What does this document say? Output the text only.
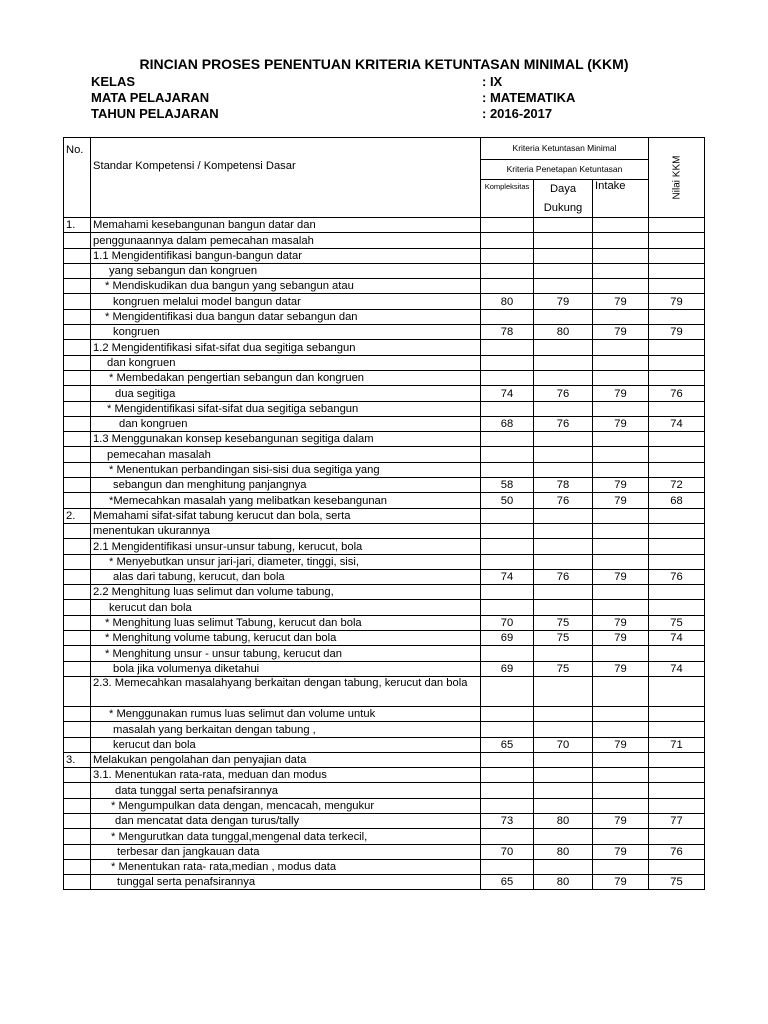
RINCIAN PROSES PENENTUAN KRITERIA KETUNTASAN MINIMAL (KKM)
KELAS	: IX
MATA PELAJARAN	: MATEMATIKA
TAHUN PELAJARAN	: 2016-2017
No.	Standar Kompetensi / Kompetensi Dasar	Kriteria Ketuntasan Minimal			Nilai KKM
		Kriteria Penetapan Ketuntasan			
		Kompleksitas	Daya	Intake	
			Dukung		
1.	Memahami kesebangunan bangun datar dan				
	penggunaannya dalam pemecahan masalah				
	1.1 Mengidentifikasi bangun-bangun datar				
	yang sebangun dan kongruen				
	* Mendiskudikan dua bangun yang sebangun atau				
	kongruen melalui model bangun datar	80	79	79	79
	* Mengidentifikasi dua bangun datar sebangun dan				
	kongruen	78	80	79	79
	1.2 Mengidentifikasi sifat-sifat dua segitiga sebangun				
	dan kongruen				
	* Membedakan pengertian sebangun dan kongruen				
	dua segitiga	74	76	79	76
	* Mengidentifikasi sifat-sifat dua segitiga sebangun				
	dan kongruen	68	76	79	74
	1.3 Menggunakan konsep kesebangunan segitiga dalam				
	pemecahan masalah				
	* Menentukan perbandingan sisi-sisi dua segitiga yang				
	sebangun dan menghitung panjangnya	58	78	79	72
	*Memecahkan masalah yang melibatkan kesebangunan	50	76	79	68
2.	Memahami sifat-sifat tabung kerucut dan bola, serta				
	menentukan ukurannya				
	2.1 Mengidentifikasi unsur-unsur tabung, kerucut, bola				
	* Menyebutkan unsur jari-jari, diameter, tinggi, sisi,				
	alas dari tabung, kerucut, dan bola	74	76	79	76
	2.2 Menghitung luas selimut dan volume tabung,				
	kerucut dan bola				
	* Menghitung luas selimut Tabung, kerucut dan bola	70	75	79	75
	* Menghitung volume tabung, kerucut dan bola	69	75	79	74
	* Menghitung unsur - unsur tabung, kerucut dan				
	bola jika volumenya diketahui	69	75	79	74
	2.3. Memecahkan masalahyang berkaitan dengan tabung, kerucut dan bola				
	* Menggunakan rumus luas selimut dan volume untuk				
	masalah yang berkaitan dengan tabung ,				
	kerucut dan bola	65	70	79	71
3.	Melakukan pengolahan dan penyajian data				
	3.1. Menentukan rata-rata, meduan dan modus				
	data tunggal serta penafsirannya				
	* Mengumpulkan data dengan, mencacah, mengukur				
	dan mencatat data dengan turus/tally	73	80	79	77
	* Mengurutkan data tunggal,mengenal data terkecil,				
	terbesar dan jangkauan data	70	80	79	76
	* Menentukan rata- rata,median , modus data				
	tunggal serta penafsirannya	65	80	79	75
